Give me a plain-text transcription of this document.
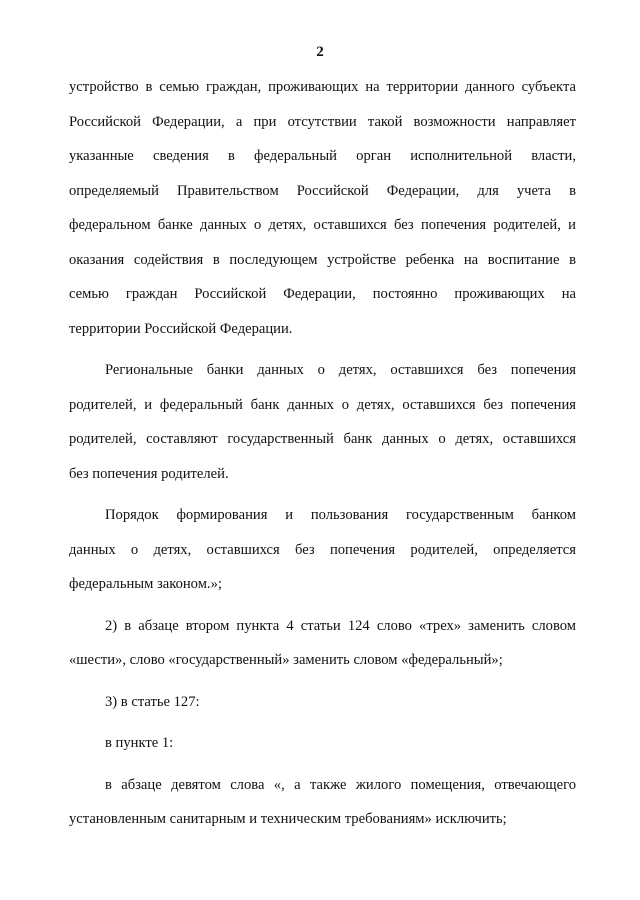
2
устройство в семью граждан, проживающих на территории данного субъекта
Российской Федерации, а при отсутствии такой возможности направляет
указанные сведения в федеральный орган исполнительной власти,
определяемый Правительством Российской Федерации, для учета в
федеральном банке данных о детях, оставшихся без попечения родителей, и
оказания содействия в последующем устройстве ребенка на воспитание в
семью граждан Российской Федерации, постоянно проживающих на
территории Российской Федерации.
Региональные банки данных о детях, оставшихся без попечения
родителей, и федеральный банк данных о детях, оставшихся без попечения
родителей, составляют государственный банк данных о детях, оставшихся
без попечения родителей.
Порядок формирования и пользования государственным банком
данных о детях, оставшихся без попечения родителей, определяется
федеральным законом.»;
2) в абзаце втором пункта 4 статьи 124 слово «трех» заменить словом
«шести», слово «государственный» заменить словом «федеральный»;
3) в статье 127:
в пункте 1:
в абзаце девятом слова «, а также жилого помещения, отвечающего
установленным санитарным и техническим требованиям» исключить;
